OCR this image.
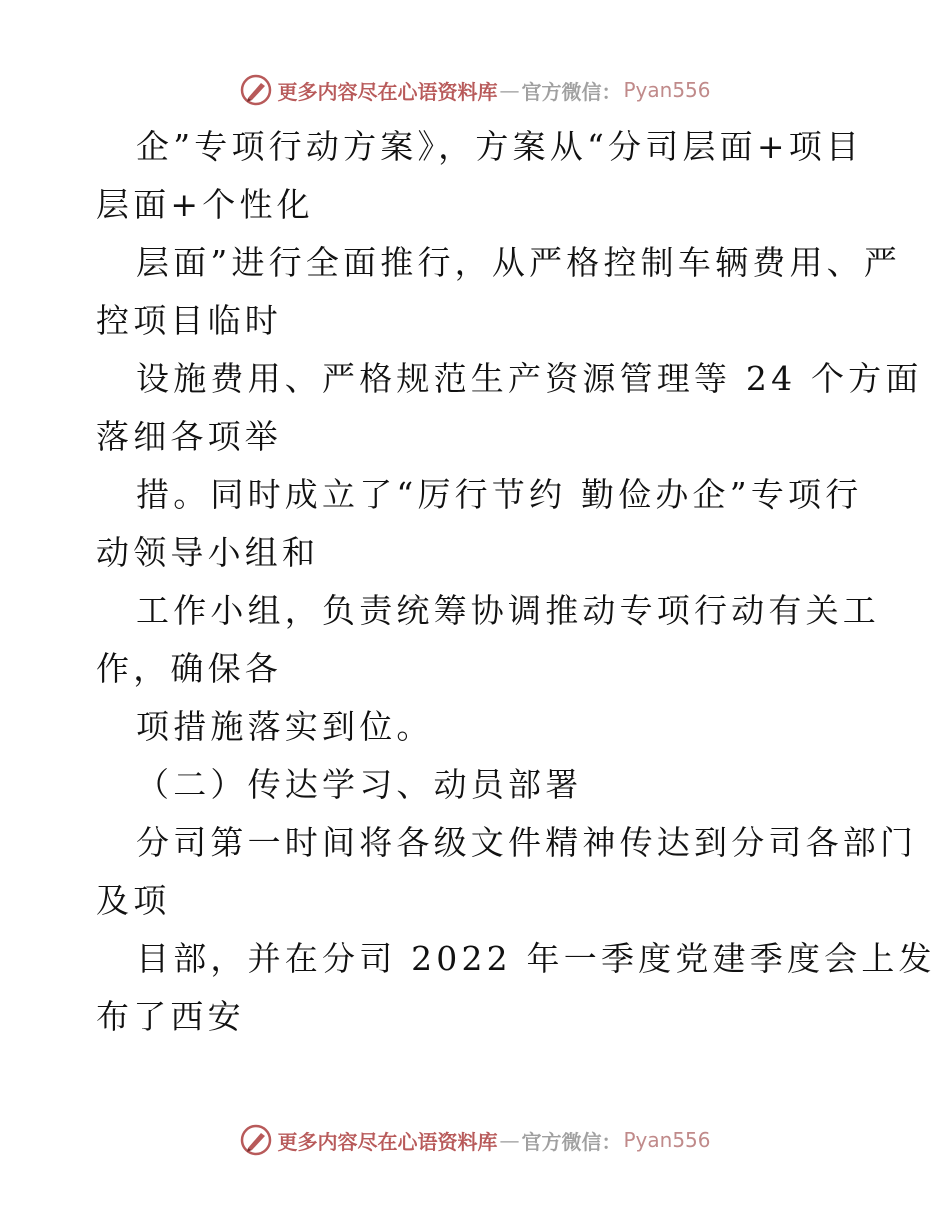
更多内容尽在心语资料库 — 官方微信： Pyan556
企”专项行动方案》，方案从“分司层面+项目
层面+个性化
层面”进行全面推行，从严格控制车辆费用、严
控项目临时
设施费用、严格规范生产资源管理等 24 个方面
落细各项举
措。同时成立了“厉行节约 勤俭办企”专项行
动领导小组和
工作小组，负责统筹协调推动专项行动有关工
作，确保各
项措施落实到位。
（二）传达学习、动员部署
分司第一时间将各级文件精神传达到分司各部门
及项
目部，并在分司 2022 年一季度党建季度会上发
布了西安
更多内容尽在心语资料库 — 官方微信： Pyan556
